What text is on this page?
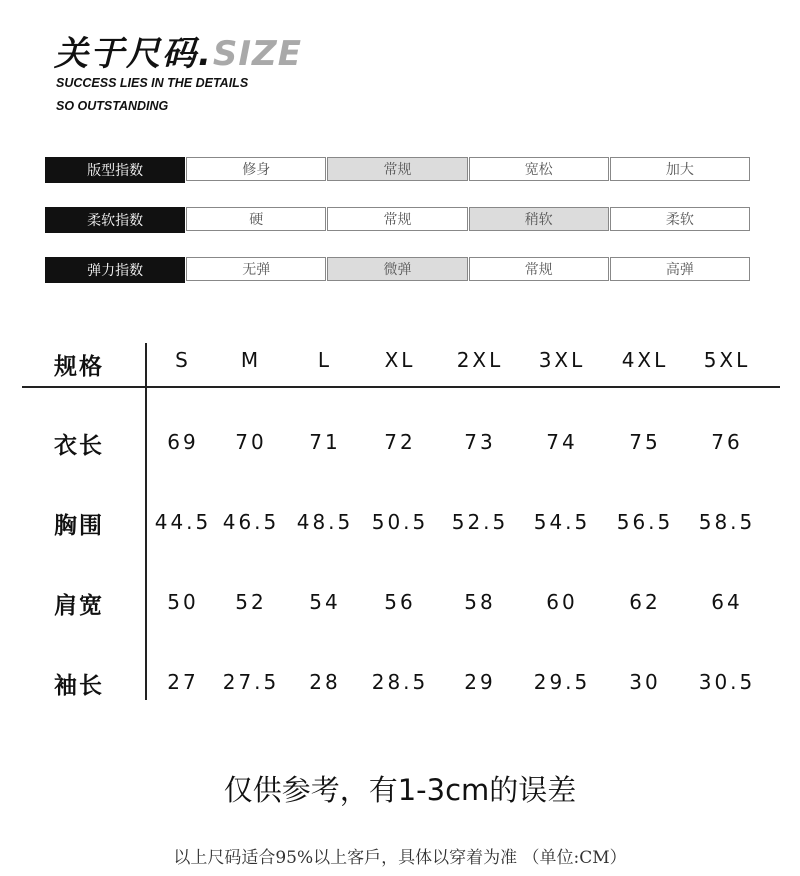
关于尺码.SIZE
SUCCESS LIES IN THE DETAILS
SO OUTSTANDING
版型指数	修身	常规	宽松	加大
柔软指数	硬	常规	稍软	柔软
弹力指数	无弹	微弹	常规	高弹
规格	S	M	L	XL 2XL 3XL 4XL 5XL
衣长	69 70 71 72 73	74	75	76
胸围	44.5 46.5 48.5 50.5 52.5 54.5 56.5 58.5
肩宽	50 52 54 56 58	60	62	64
袖长	27 27.5 28 28.5 29 29.5 30 30.5
仅供参考，有1-3cm的误差
以上尺码适合95%以上客戶，具体以穿着为准 （单位:CM）
